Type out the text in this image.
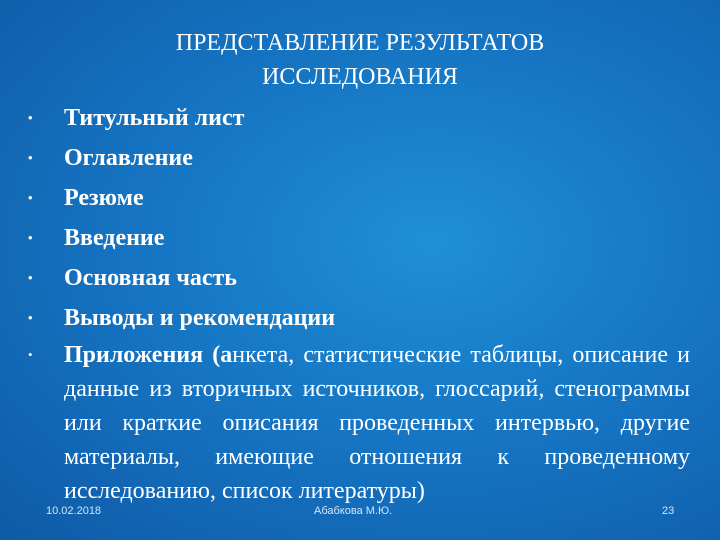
ПРЕДСТАВЛЕНИЕ РЕЗУЛЬТАТОВ
ИССЛЕДОВАНИЯ
• Титульный лист
• Оглавление
• Резюме
• Введение
• Основная часть
• Выводы и рекомендации
• Приложения (анкета, статистические таблицы, описание и данные из вторичных источников, глоссарий, стенограммы или краткие описания проведенных интервью, другие материалы, имеющие отношения к проведенному исследованию, список литературы)
10.02.2018	Абабкова М.Ю.	23
